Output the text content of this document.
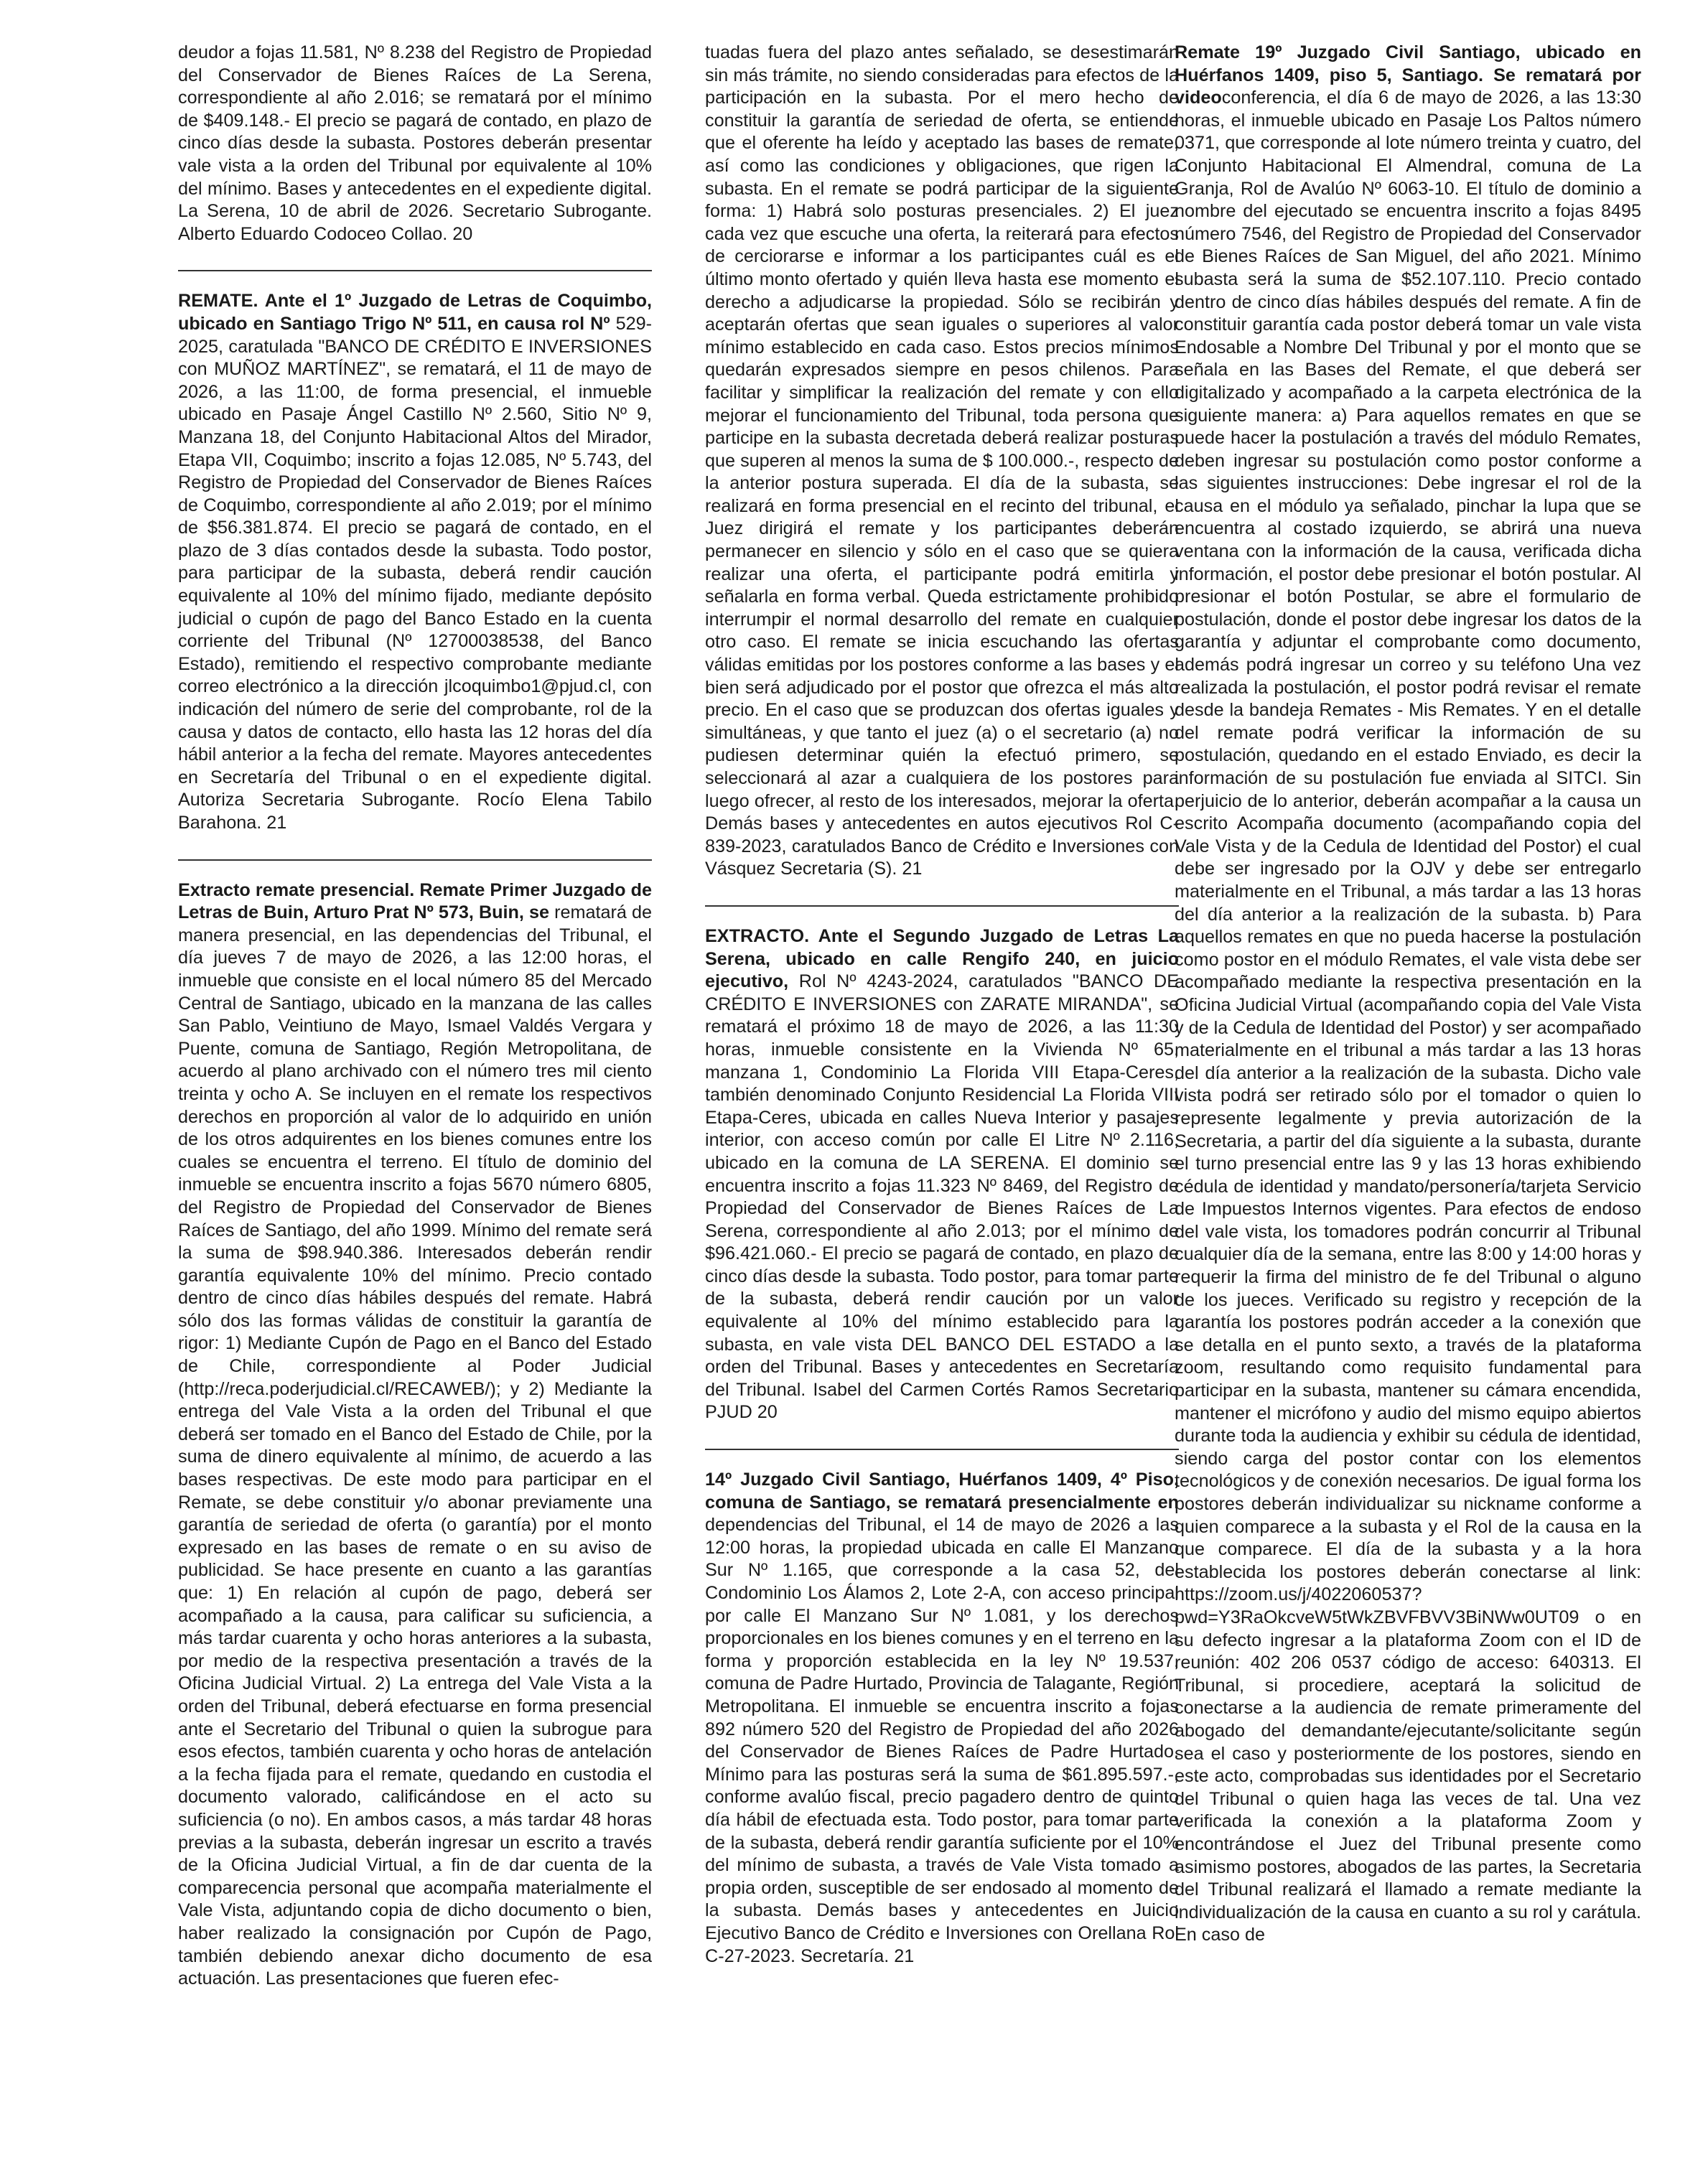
deudor a fojas 11.581, Nº 8.238 del Registro de Propiedad del Conservador de Bienes Raíces de La Serena, correspondiente al año 2.016; se rematará por el mínimo de $409.148.- El precio se pagará de contado, en plazo de cinco días desde la subasta. Postores deberán presentar vale vista a la orden del Tribunal por equivalente al 10% del mínimo. Bases y antecedentes en el expediente digital. La Serena, 10 de abril de 2026. Secretario Subrogante. Alberto Eduardo Codoceo Collao. 20

REMATE. Ante el 1º Juzgado de Letras de Coquimbo, ubicado en Santiago Trigo Nº 511, en causa rol Nº 529-2025, caratulada "BANCO DE CRÉDITO E INVERSIONES con MUÑOZ MARTÍNEZ", se rematará, el 11 de mayo de 2026, a las 11:00, de forma presencial, el inmueble ubicado en Pasaje Ángel Castillo Nº 2.560, Sitio Nº 9, Manzana 18, del Conjunto Habitacional Altos del Mirador, Etapa VII, Coquimbo; inscrito a fojas 12.085, Nº 5.743, del Registro de Propiedad del Conservador de Bienes Raíces de Coquimbo, correspondiente al año 2.019; por el mínimo de $56.381.874. El precio se pagará de contado, en el plazo de 3 días contados desde la subasta. Todo postor, para participar de la subasta, deberá rendir caución equivalente al 10% del mínimo fijado, mediante depósito judicial o cupón de pago del Banco Estado en la cuenta corriente del Tribunal (Nº 12700038538, del Banco Estado), remitiendo el respectivo comprobante mediante correo electrónico a la dirección jlcoquimbo1@pjud.cl, con indicación del número de serie del comprobante, rol de la causa y datos de contacto, ello hasta las 12 horas del día hábil anterior a la fecha del remate. Mayores antecedentes en Secretaría del Tribunal o en el expediente digital. Autoriza Secretaria Subrogante. Rocío Elena Tabilo Barahona. 21

Extracto remate presencial. Remate Primer Juzgado de Letras de Buin, Arturo Prat Nº 573, Buin, se rematará de manera presencial, en las dependencias del Tribunal, el día jueves 7 de mayo de 2026, a las 12:00 horas, el inmueble que consiste en el local número 85 del Mercado Central de Santiago, ubicado en la manzana de las calles San Pablo, Veintiuno de Mayo, Ismael Valdés Vergara y Puente, comuna de Santiago, Región Metropolitana, de acuerdo al plano archivado con el número tres mil ciento treinta y ocho A. Se incluyen en el remate los respectivos derechos en proporción al valor de lo adquirido en unión de los otros adquirentes en los bienes comunes entre los cuales se encuentra el terreno. El título de dominio del inmueble se encuentra inscrito a fojas 5670 número 6805, del Registro de Propiedad del Conservador de Bienes Raíces de Santiago, del año 1999. Mínimo del remate será la suma de $98.940.386. Interesados deberán rendir garantía equivalente 10% del mínimo. Precio contado dentro de cinco días hábiles después del remate. Habrá sólo dos las formas válidas de constituir la garantía de rigor: 1) Mediante Cupón de Pago en el Banco del Estado de Chile, correspondiente al Poder Judicial (http://reca.poderjudicial.cl/RECAWEB/); y 2) Mediante la entrega del Vale Vista a la orden del Tribunal el que deberá ser tomado en el Banco del Estado de Chile, por la suma de dinero equivalente al mínimo, de acuerdo a las bases respectivas. De este modo para participar en el Remate, se debe constituir y/o abonar previamente una garantía de seriedad de oferta (o garantía) por el monto expresado en las bases de remate o en su aviso de publicidad. Se hace presente en cuanto a las garantías que: 1) En relación al cupón de pago, deberá ser acompañado a la causa, para calificar su suficiencia, a más tardar cuarenta y ocho horas anteriores a la subasta, por medio de la respectiva presentación a través de la Oficina Judicial Virtual. 2) La entrega del Vale Vista a la orden del Tribunal, deberá efectuarse en forma presencial ante el Secretario del Tribunal o quien la subrogue para esos efectos, también cuarenta y ocho horas de antelación a la fecha fijada para el remate, quedando en custodia el documento valorado, calificándose en el acto su suficiencia (o no). En ambos casos, a más tardar 48 horas previas a la subasta, deberán ingresar un escrito a través de la Oficina Judicial Virtual, a fin de dar cuenta de la comparecencia personal que acompaña materialmente el Vale Vista, adjuntando copia de dicho documento o bien, haber realizado la consignación por Cupón de Pago, también debiendo anexar dicho documento de esa actuación. Las presentaciones que fueren efec-

tuadas fuera del plazo antes señalado, se desestimarán sin más trámite, no siendo consideradas para efectos de la participación en la subasta. Por el mero hecho de constituir la garantía de seriedad de oferta, se entiende que el oferente ha leído y aceptado las bases de remate, así como las condiciones y obligaciones, que rigen la subasta. En el remate se podrá participar de la siguiente forma: 1) Habrá solo posturas presenciales. 2) El juez cada vez que escuche una oferta, la reiterará para efectos de cerciorarse e informar a los participantes cuál es el último monto ofertado y quién lleva hasta ese momento el derecho a adjudicarse la propiedad. Sólo se recibirán y aceptarán ofertas que sean iguales o superiores al valor mínimo establecido en cada caso. Estos precios mínimos quedarán expresados siempre en pesos chilenos. Para facilitar y simplificar la realización del remate y con ello mejorar el funcionamiento del Tribunal, toda persona que participe en la subasta decretada deberá realizar posturas que superen al menos la suma de $ 100.000.-, respecto de la anterior postura superada. El día de la subasta, se realizará en forma presencial en el recinto del tribunal, el Juez dirigirá el remate y los participantes deberán permanecer en silencio y sólo en el caso que se quiera realizar una oferta, el participante podrá emitirla y señalarla en forma verbal. Queda estrictamente prohibido interrumpir el normal desarrollo del remate en cualquier otro caso. El remate se inicia escuchando las ofertas válidas emitidas por los postores conforme a las bases y el bien será adjudicado por el postor que ofrezca el más alto precio. En el caso que se produzcan dos ofertas iguales y simultáneas, y que tanto el juez (a) o el secretario (a) no pudiesen determinar quién la efectuó primero, se seleccionará al azar a cualquiera de los postores para luego ofrecer, al resto de los interesados, mejorar la oferta. Demás bases y antecedentes en autos ejecutivos Rol C-839-2023, caratulados Banco de Crédito e Inversiones con Vásquez Secretaria (S). 21

EXTRACTO. Ante el Segundo Juzgado de Letras La Serena, ubicado en calle Rengifo 240, en juicio ejecutivo, Rol Nº 4243-2024, caratulados "BANCO DE CRÉDITO E INVERSIONES con ZARATE MIRANDA", se rematará el próximo 18 de mayo de 2026, a las 11:30 horas, inmueble consistente en la Vivienda Nº 65, manzana 1, Condominio La Florida VIII Etapa-Ceres, también denominado Conjunto Residencial La Florida VIII Etapa-Ceres, ubicada en calles Nueva Interior y pasajes interior, con acceso común por calle El Litre Nº 2.116, ubicado en la comuna de LA SERENA. El dominio se encuentra inscrito a fojas 11.323 Nº 8469, del Registro de Propiedad del Conservador de Bienes Raíces de La Serena, correspondiente al año 2.013; por el mínimo de $96.421.060.- El precio se pagará de contado, en plazo de cinco días desde la subasta. Todo postor, para tomar parte de la subasta, deberá rendir caución por un valor equivalente al 10% del mínimo establecido para la subasta, en vale vista DEL BANCO DEL ESTADO a la orden del Tribunal. Bases y antecedentes en Secretaría del Tribunal. Isabel del Carmen Cortés Ramos Secretario PJUD 20

14º Juzgado Civil Santiago, Huérfanos 1409, 4º Piso, comuna de Santiago, se rematará presencialmente en dependencias del Tribunal, el 14 de mayo de 2026 a las 12:00 horas, la propiedad ubicada en calle El Manzano Sur Nº 1.165, que corresponde a la casa 52, del Condominio Los Álamos 2, Lote 2-A, con acceso principal por calle El Manzano Sur Nº 1.081, y los derechos proporcionales en los bienes comunes y en el terreno en la forma y proporción establecida en la ley Nº 19.537, comuna de Padre Hurtado, Provincia de Talagante, Región Metropolitana. El inmueble se encuentra inscrito a fojas 892 número 520 del Registro de Propiedad del año 2026 del Conservador de Bienes Raíces de Padre Hurtado. Mínimo para las posturas será la suma de $61.895.597.-, conforme avalúo fiscal, precio pagadero dentro de quinto día hábil de efectuada esta. Todo postor, para tomar parte de la subasta, deberá rendir garantía suficiente por el 10% del mínimo de subasta, a través de Vale Vista tomado a propia orden, susceptible de ser endosado al momento de la subasta. Demás bases y antecedentes en Juicio Ejecutivo Banco de Crédito e Inversiones con Orellana Rol C-27-2023. Secretaría. 21

Remate 19º Juzgado Civil Santiago, ubicado en Huérfanos 1409, piso 5, Santiago. Se rematará por videoconferencia, el día 6 de mayo de 2026, a las 13:30 horas, el inmueble ubicado en Pasaje Los Paltos número 0371, que corresponde al lote número treinta y cuatro, del Conjunto Habitacional El Almendral, comuna de La Granja, Rol de Avalúo Nº 6063-10. El título de dominio a nombre del ejecutado se encuentra inscrito a fojas 8495 número 7546, del Registro de Propiedad del Conservador de Bienes Raíces de San Miguel, del año 2021. Mínimo subasta será la suma de $52.107.110. Precio contado dentro de cinco días hábiles después del remate. A fin de constituir garantía cada postor deberá tomar un vale vista Endosable a Nombre Del Tribunal y por el monto que se señala en las Bases del Remate, el que deberá ser digitalizado y acompañado a la carpeta electrónica de la siguiente manera: a) Para aquellos remates en que se puede hacer la postulación a través del módulo Remates, deben ingresar su postulación como postor conforme a las siguientes instrucciones: Debe ingresar el rol de la causa en el módulo ya señalado, pinchar la lupa que se encuentra al costado izquierdo, se abrirá una nueva ventana con la información de la causa, verificada dicha información, el postor debe presionar el botón postular. Al presionar el botón Postular, se abre el formulario de postulación, donde el postor debe ingresar los datos de la garantía y adjuntar el comprobante como documento, además podrá ingresar un correo y su teléfono Una vez realizada la postulación, el postor podrá revisar el remate desde la bandeja Remates - Mis Remates. Y en el detalle del remate podrá verificar la información de su postulación, quedando en el estado Enviado, es decir la información de su postulación fue enviada al SITCI. Sin perjuicio de lo anterior, deberán acompañar a la causa un escrito Acompaña documento (acompañando copia del Vale Vista y de la Cedula de Identidad del Postor) el cual debe ser ingresado por la OJV y debe ser entregarlo materialmente en el Tribunal, a más tardar a las 13 horas del día anterior a la realización de la subasta. b) Para aquellos remates en que no pueda hacerse la postulación como postor en el módulo Remates, el vale vista debe ser acompañado mediante la respectiva presentación en la Oficina Judicial Virtual (acompañando copia del Vale Vista y de la Cedula de Identidad del Postor) y ser acompañado materialmente en el tribunal a más tardar a las 13 horas del día anterior a la realización de la subasta. Dicho vale vista podrá ser retirado sólo por el tomador o quien lo represente legalmente y previa autorización de la Secretaria, a partir del día siguiente a la subasta, durante el turno presencial entre las 9 y las 13 horas exhibiendo cédula de identidad y mandato/personería/tarjeta Servicio de Impuestos Internos vigentes. Para efectos de endoso del vale vista, los tomadores podrán concurrir al Tribunal cualquier día de la semana, entre las 8:00 y 14:00 horas y requerir la firma del ministro de fe del Tribunal o alguno de los jueces. Verificado su registro y recepción de la garantía los postores podrán acceder a la conexión que se detalla en el punto sexto, a través de la plataforma zoom, resultando como requisito fundamental para participar en la subasta, mantener su cámara encendida, mantener el micrófono y audio del mismo equipo abiertos durante toda la audiencia y exhibir su cédula de identidad, siendo carga del postor contar con los elementos tecnológicos y de conexión necesarios. De igual forma los postores deberán individualizar su nickname conforme a quien comparece a la subasta y el Rol de la causa en la que comparece. El día de la subasta y a la hora establecida los postores deberán conectarse al link: https://zoom.us/j/4022060537?pwd=Y3RaOkcveW5tWkZBVFBVV3BiNWw0UT09 o en su defecto ingresar a la plataforma Zoom con el ID de reunión: 402 206 0537 código de acceso: 640313. El Tribunal, si procediere, aceptará la solicitud de conectarse a la audiencia de remate primeramente del abogado del demandante/ejecutante/solicitante según sea el caso y posteriormente de los postores, siendo en este acto, comprobadas sus identidades por el Secretario del Tribunal o quien haga las veces de tal. Una vez verificada la conexión a la plataforma Zoom y encontrándose el Juez del Tribunal presente como asimismo postores, abogados de las partes, la Secretaria del Tribunal realizará el llamado a remate mediante la individualización de la causa en cuanto a su rol y carátula. En caso de
